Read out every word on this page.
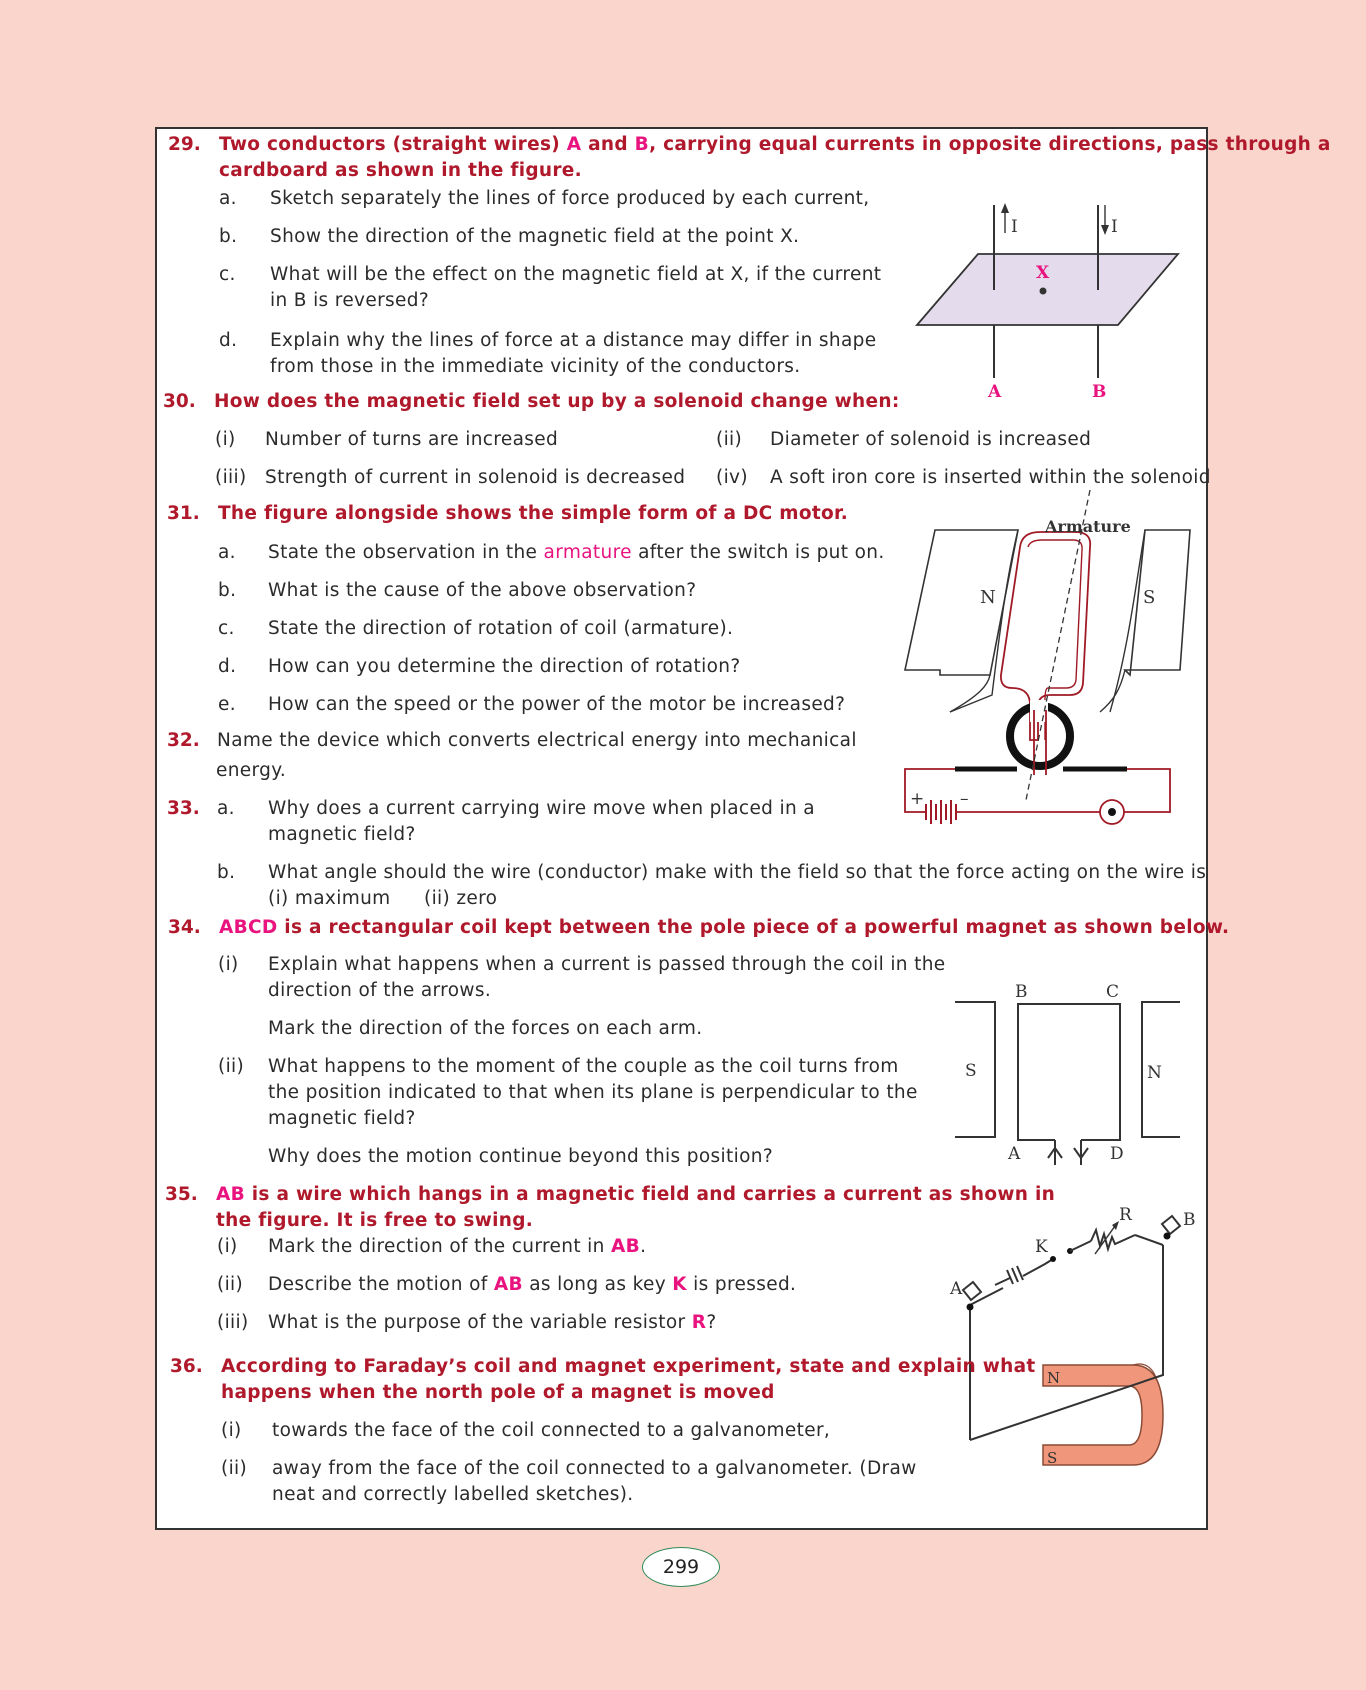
29. Two conductors (straight wires) A and B, carrying equal currents in opposite directions, pass through a
cardboard as shown in the figure.
a. Sketch separately the lines of force produced by each current,
b. Show the direction of the magnetic field at the point X.
c. What will be the effect on the magnetic field at X, if the current
in B is reversed?
d. Explain why the lines of force at a distance may differ in shape
from those in the immediate vicinity of the conductors.
I	I
X
A	B
30. How does the magnetic field set up by a solenoid change when:
(i) Number of turns are increased	(ii) Diameter of solenoid is increased
(iii) Strength of current in solenoid is decreased (iv) A soft iron core is inserted within the solenoid
31. The figure alongside shows the simple form of a DC motor.
a. State the observation in the armature after the switch is put on.
b. What is the cause of the above observation?
c. State the direction of rotation of coil (armature).
d. How can you determine the direction of rotation?
e. How can the speed or the power of the motor be increased?
+ –
Armature
N	S
32. Name the device which converts electrical energy into mechanical
energy.
33. a. Why does a current carrying wire move when placed in a
magnetic field?
b. What angle should the wire (conductor) make with the field so that the force acting on the wire is
(i) maximum (ii) zero
34. ABCD is a rectangular coil kept between the pole piece of a powerful magnet as shown below.
(i) Explain what happens when a current is passed through the coil in the
direction of the arrows.
Mark the direction of the forces on each arm.
(ii) What happens to the moment of the couple as the coil turns from
the position indicated to that when its plane is perpendicular to the
magnetic field?
Why does the motion continue beyond this position?
B	C
A	D
S	N
35. AB is a wire which hangs in a magnetic field and carries a current as shown in
the figure. It is free to swing.
(i) Mark the direction of the current in AB.
(ii) Describe the motion of AB as long as key K is pressed.
(iii) What is the purpose of the variable resistor R?
N
S
A
B
K
R
36. According to Faraday’s coil and magnet experiment, state and explain what
happens when the north pole of a magnet is moved
(i) towards the face of the coil connected to a galvanometer,
(ii) away from the face of the coil connected to a galvanometer. (Draw
neat and correctly labelled sketches).
299
